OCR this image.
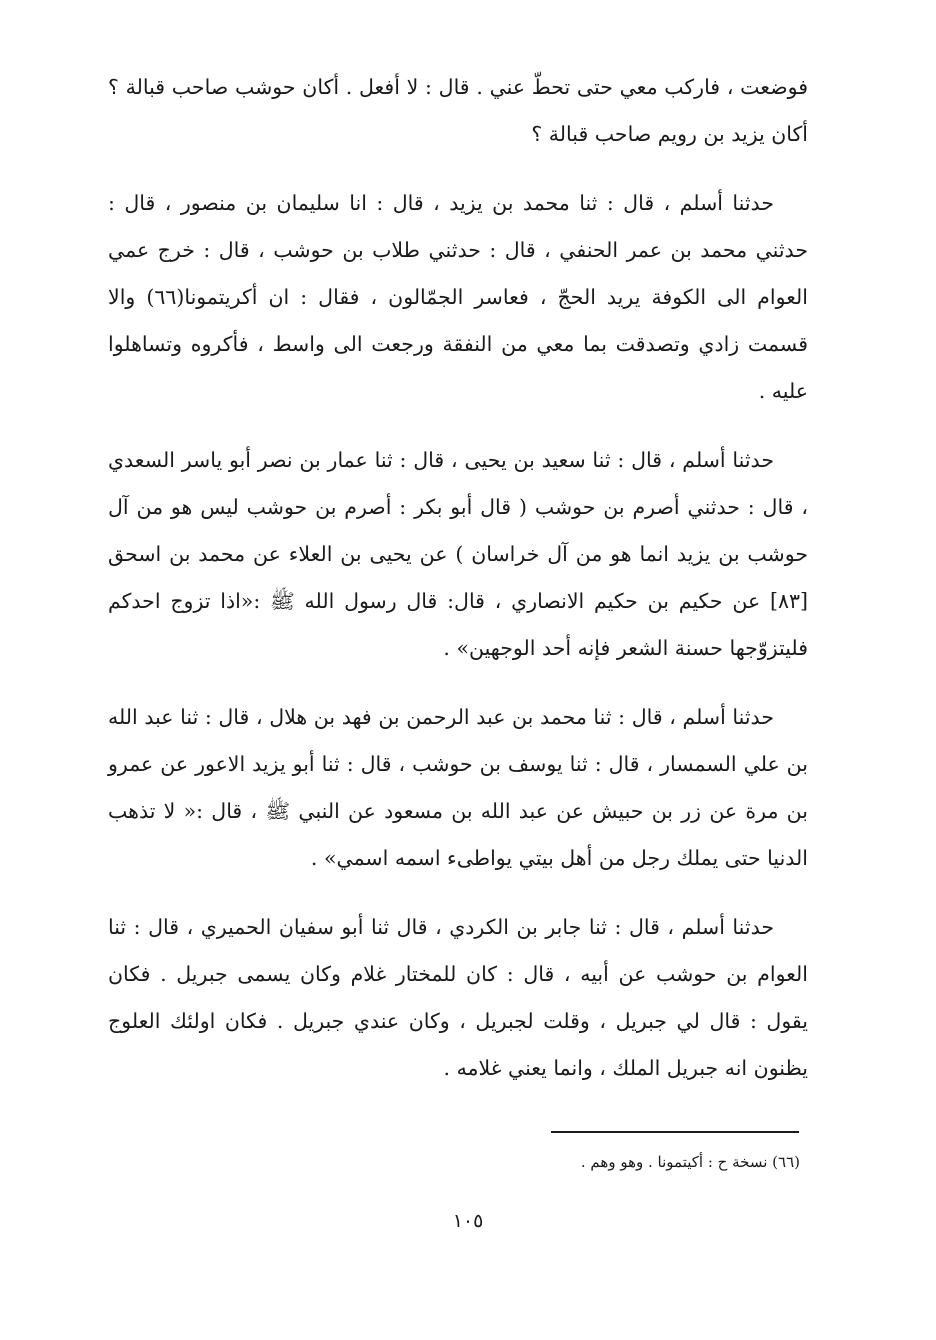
فوضعت ، فاركب معي حتى تحطّ عني . قال : لا أفعل . أكان حوشب صاحب قبالة ؟ أكان يزيد بن رويم صاحب قبالة ؟

حدثنا أسلم ، قال : ثنا محمد بن يزيد ، قال : انا سليمان بن منصور ، قال : حدثني محمد بن عمر الحنفي ، قال : حدثني طلاب بن حوشب ، قال : خرج عمي العوام الى الكوفة يريد الحجّ ، فعاسر الجمّالون ، فقال : ان أكريتمونا(٦٦) والا قسمت زادي وتصدقت بما معي من النفقة ورجعت الى واسط ، فأكروه وتساهلوا عليه .

حدثنا أسلم ، قال : ثنا سعيد بن يحيى ، قال : ثنا عمار بن نصر أبو ياسر السعدي ، قال : حدثني أصرم بن حوشب ( قال أبو بكر : أصرم بن حوشب ليس هو من آل حوشب بن يزيد انما هو من آل خراسان ) عن يحيى بن العلاء عن محمد بن اسحق [٨٣] عن حكيم بن حكيم الانصاري ، قال: قال رسول الله ﷺ :«اذا تزوج احدكم فليتزوّجها حسنة الشعر فإنه أحد الوجهين» .

حدثنا أسلم ، قال : ثنا محمد بن عبد الرحمن بن فهد بن هلال ، قال : ثنا عبد الله بن علي السمسار ، قال : ثنا يوسف بن حوشب ، قال : ثنا أبو يزيد الاعور عن عمرو بن مرة عن زر بن حبيش عن عبد الله بن مسعود عن النبي ﷺ ، قال :« لا تذهب الدنيا حتى يملك رجل من أهل بيتي يواطىء اسمه اسمي» .

حدثنا أسلم ، قال : ثنا جابر بن الكردي ، قال ثنا أبو سفيان الحميري ، قال : ثنا العوام بن حوشب عن أبيه ، قال : كان للمختار غلام وكان يسمى جبريل . فكان يقول : قال لي جبريل ، وقلت لجبريل ، وكان عندي جبريل . فكان اولئك العلوج يظنون انه جبريل الملك ، وانما يعني غلامه .

(٦٦) نسخة ح : أكيتمونا . وهو وهم .
١٠٥
